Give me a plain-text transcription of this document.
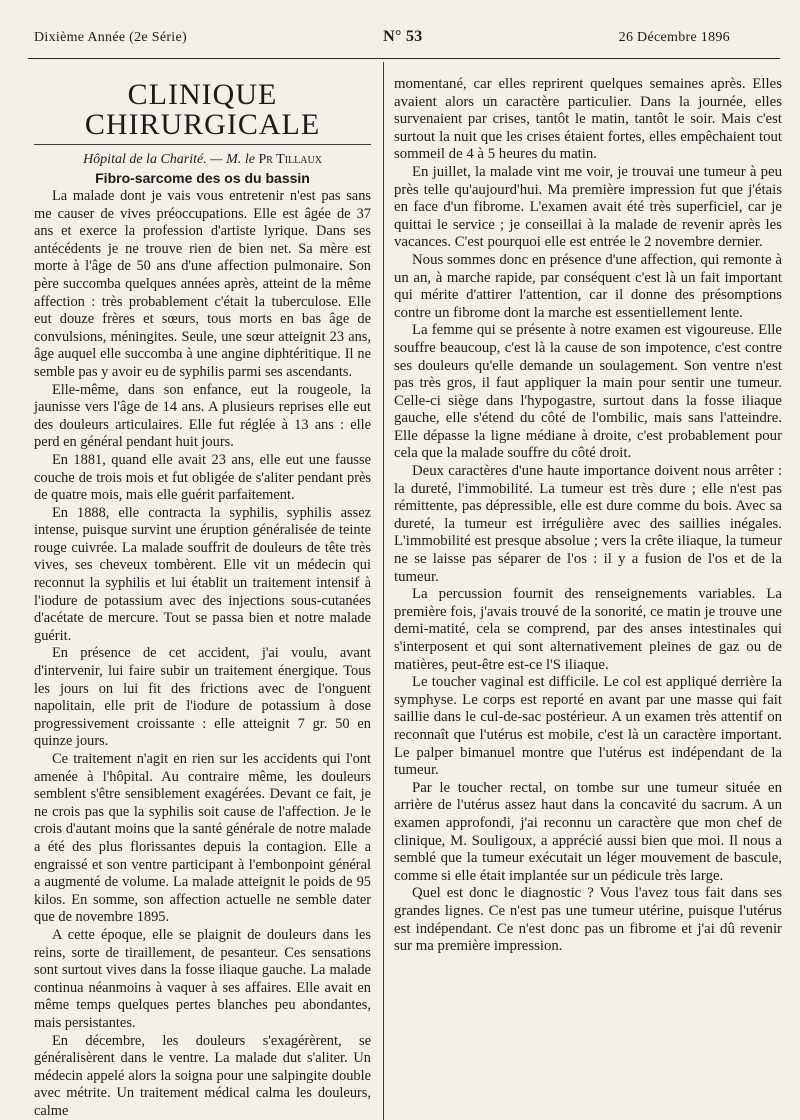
Dixième Année (2e Série)	N° 53	26 Décembre 1896
CLINIQUE CHIRURGICALE
Hôpital de la Charité. — M. le Pr Tillaux
Fibro-sarcome des os du bassin

La malade dont je vais vous entretenir n'est pas sans me causer de vives préoccupations. Elle est âgée de 37 ans et exerce la profession d'artiste lyrique. Dans ses antécédents je ne trouve rien de bien net. Sa mère est morte à l'âge de 50 ans d'une affection pulmonaire. Son père succomba quelques années après, atteint de la même affection : très probablement c'était la tuberculose. Elle eut douze frères et sœurs, tous morts en bas âge de convulsions, méningites. Seule, une sœur atteignit 23 ans, âge auquel elle succomba à une angine diphtéritique. Il ne semble pas y avoir eu de syphilis parmi ses ascendants.

Elle-même, dans son enfance, eut la rougeole, la jaunisse vers l'âge de 14 ans. A plusieurs reprises elle eut des douleurs articulaires. Elle fut réglée à 13 ans : elle perd en général pendant huit jours.

En 1881, quand elle avait 23 ans, elle eut une fausse couche de trois mois et fut obligée de s'aliter pendant près de quatre mois, mais elle guérit parfaitement.

En 1888, elle contracta la syphilis, syphilis assez intense, puisque survint une éruption généralisée de teinte rouge cuivrée. La malade souffrit de douleurs de tête très vives, ses cheveux tombèrent. Elle vit un médecin qui reconnut la syphilis et lui établit un traitement intensif à l'iodure de potassium avec des injections sous-cutanées d'acétate de mercure. Tout se passa bien et notre malade guérit.

En présence de cet accident, j'ai voulu, avant d'intervenir, lui faire subir un traitement énergique. Tous les jours on lui fit des frictions avec de l'onguent napolitain, elle prit de l'iodure de potassium à dose progressivement croissante : elle atteignit 7 gr. 50 en quinze jours.

Ce traitement n'agit en rien sur les accidents qui l'ont amenée à l'hôpital. Au contraire même, les douleurs semblent s'être sensiblement exagérées. Devant ce fait, je ne crois pas que la syphilis soit cause de l'affection. Je le crois d'autant moins que la santé générale de notre malade a été des plus florissantes depuis la contagion. Elle a engraissé et son ventre participant à l'embonpoint général a augmenté de volume. La malade atteignit le poids de 95 kilos. En somme, son affection actuelle ne semble dater que de novembre 1895.

A cette époque, elle se plaignit de douleurs dans les reins, sorte de tiraillement, de pesanteur. Ces sensations sont surtout vives dans la fosse iliaque gauche. La malade continua néanmoins à vaquer à ses affaires. Elle avait en même temps quelques pertes blanches peu abondantes, mais persistantes.

En décembre, les douleurs s'exagérèrent, se généralisèrent dans le ventre. La malade dut s'aliter. Un médecin appelé alors la soigna pour une salpingite double avec métrite. Un traitement médical calma les douleurs, calme

momentané, car elles reprirent quelques semaines après. Elles avaient alors un caractère particulier. Dans la journée, elles survenaient par crises, tantôt le matin, tantôt le soir. Mais c'est surtout la nuit que les crises étaient fortes, elles empêchaient tout sommeil de 4 à 5 heures du matin.

En juillet, la malade vint me voir, je trouvai une tumeur à peu près telle qu'aujourd'hui. Ma première impression fut que j'étais en face d'un fibrome. L'examen avait été très superficiel, car je quittai le service ; je conseillai à la malade de revenir après les vacances. C'est pourquoi elle est entrée le 2 novembre dernier.

Nous sommes donc en présence d'une affection, qui remonte à un an, à marche rapide, par conséquent c'est là un fait important qui mérite d'attirer l'attention, car il donne des présomptions contre un fibrome dont la marche est essentiellement lente.

La femme qui se présente à notre examen est vigoureuse. Elle souffre beaucoup, c'est là la cause de son impotence, c'est contre ses douleurs qu'elle demande un soulagement. Son ventre n'est pas très gros, il faut appliquer la main pour sentir une tumeur. Celle-ci siège dans l'hypogastre, surtout dans la fosse iliaque gauche, elle s'étend du côté de l'ombilic, mais sans l'atteindre. Elle dépasse la ligne médiane à droite, c'est probablement pour cela que la malade souffre du côté droit.

Deux caractères d'une haute importance doivent nous arrêter : la dureté, l'immobilité. La tumeur est très dure ; elle n'est pas rémittente, pas dépressible, elle est dure comme du bois. Avec sa dureté, la tumeur est irrégulière avec des saillies inégales. L'immobilité est presque absolue ; vers la crête iliaque, la tumeur ne se laisse pas séparer de l'os : il y a fusion de l'os et de la tumeur.

La percussion fournit des renseignements variables. La première fois, j'avais trouvé de la sonorité, ce matin je trouve une demi-matité, cela se comprend, par des anses intestinales qui s'interposent et qui sont alternativement pleines de gaz ou de matières, peut-être est-ce l'S iliaque.

Le toucher vaginal est difficile. Le col est appliqué derrière la symphyse. Le corps est reporté en avant par une masse qui fait saillie dans le cul-de-sac postérieur. A un examen très attentif on reconnaît que l'utérus est mobile, c'est là un caractère important. Le palper bimanuel montre que l'utérus est indépendant de la tumeur.

Par le toucher rectal, on tombe sur une tumeur située en arrière de l'utérus assez haut dans la concavité du sacrum. A un examen approfondi, j'ai reconnu un caractère que mon chef de clinique, M. Souligoux, a apprécié aussi bien que moi. Il nous a semblé que la tumeur exécutait un léger mouvement de bascule, comme si elle était implantée sur un pédicule très large.

Quel est donc le diagnostic ? Vous l'avez tous fait dans ses grandes lignes. Ce n'est pas une tumeur utérine, puisque l'utérus est indépendant. Ce n'est donc pas un fibrome et j'ai dû revenir sur ma première impression.
